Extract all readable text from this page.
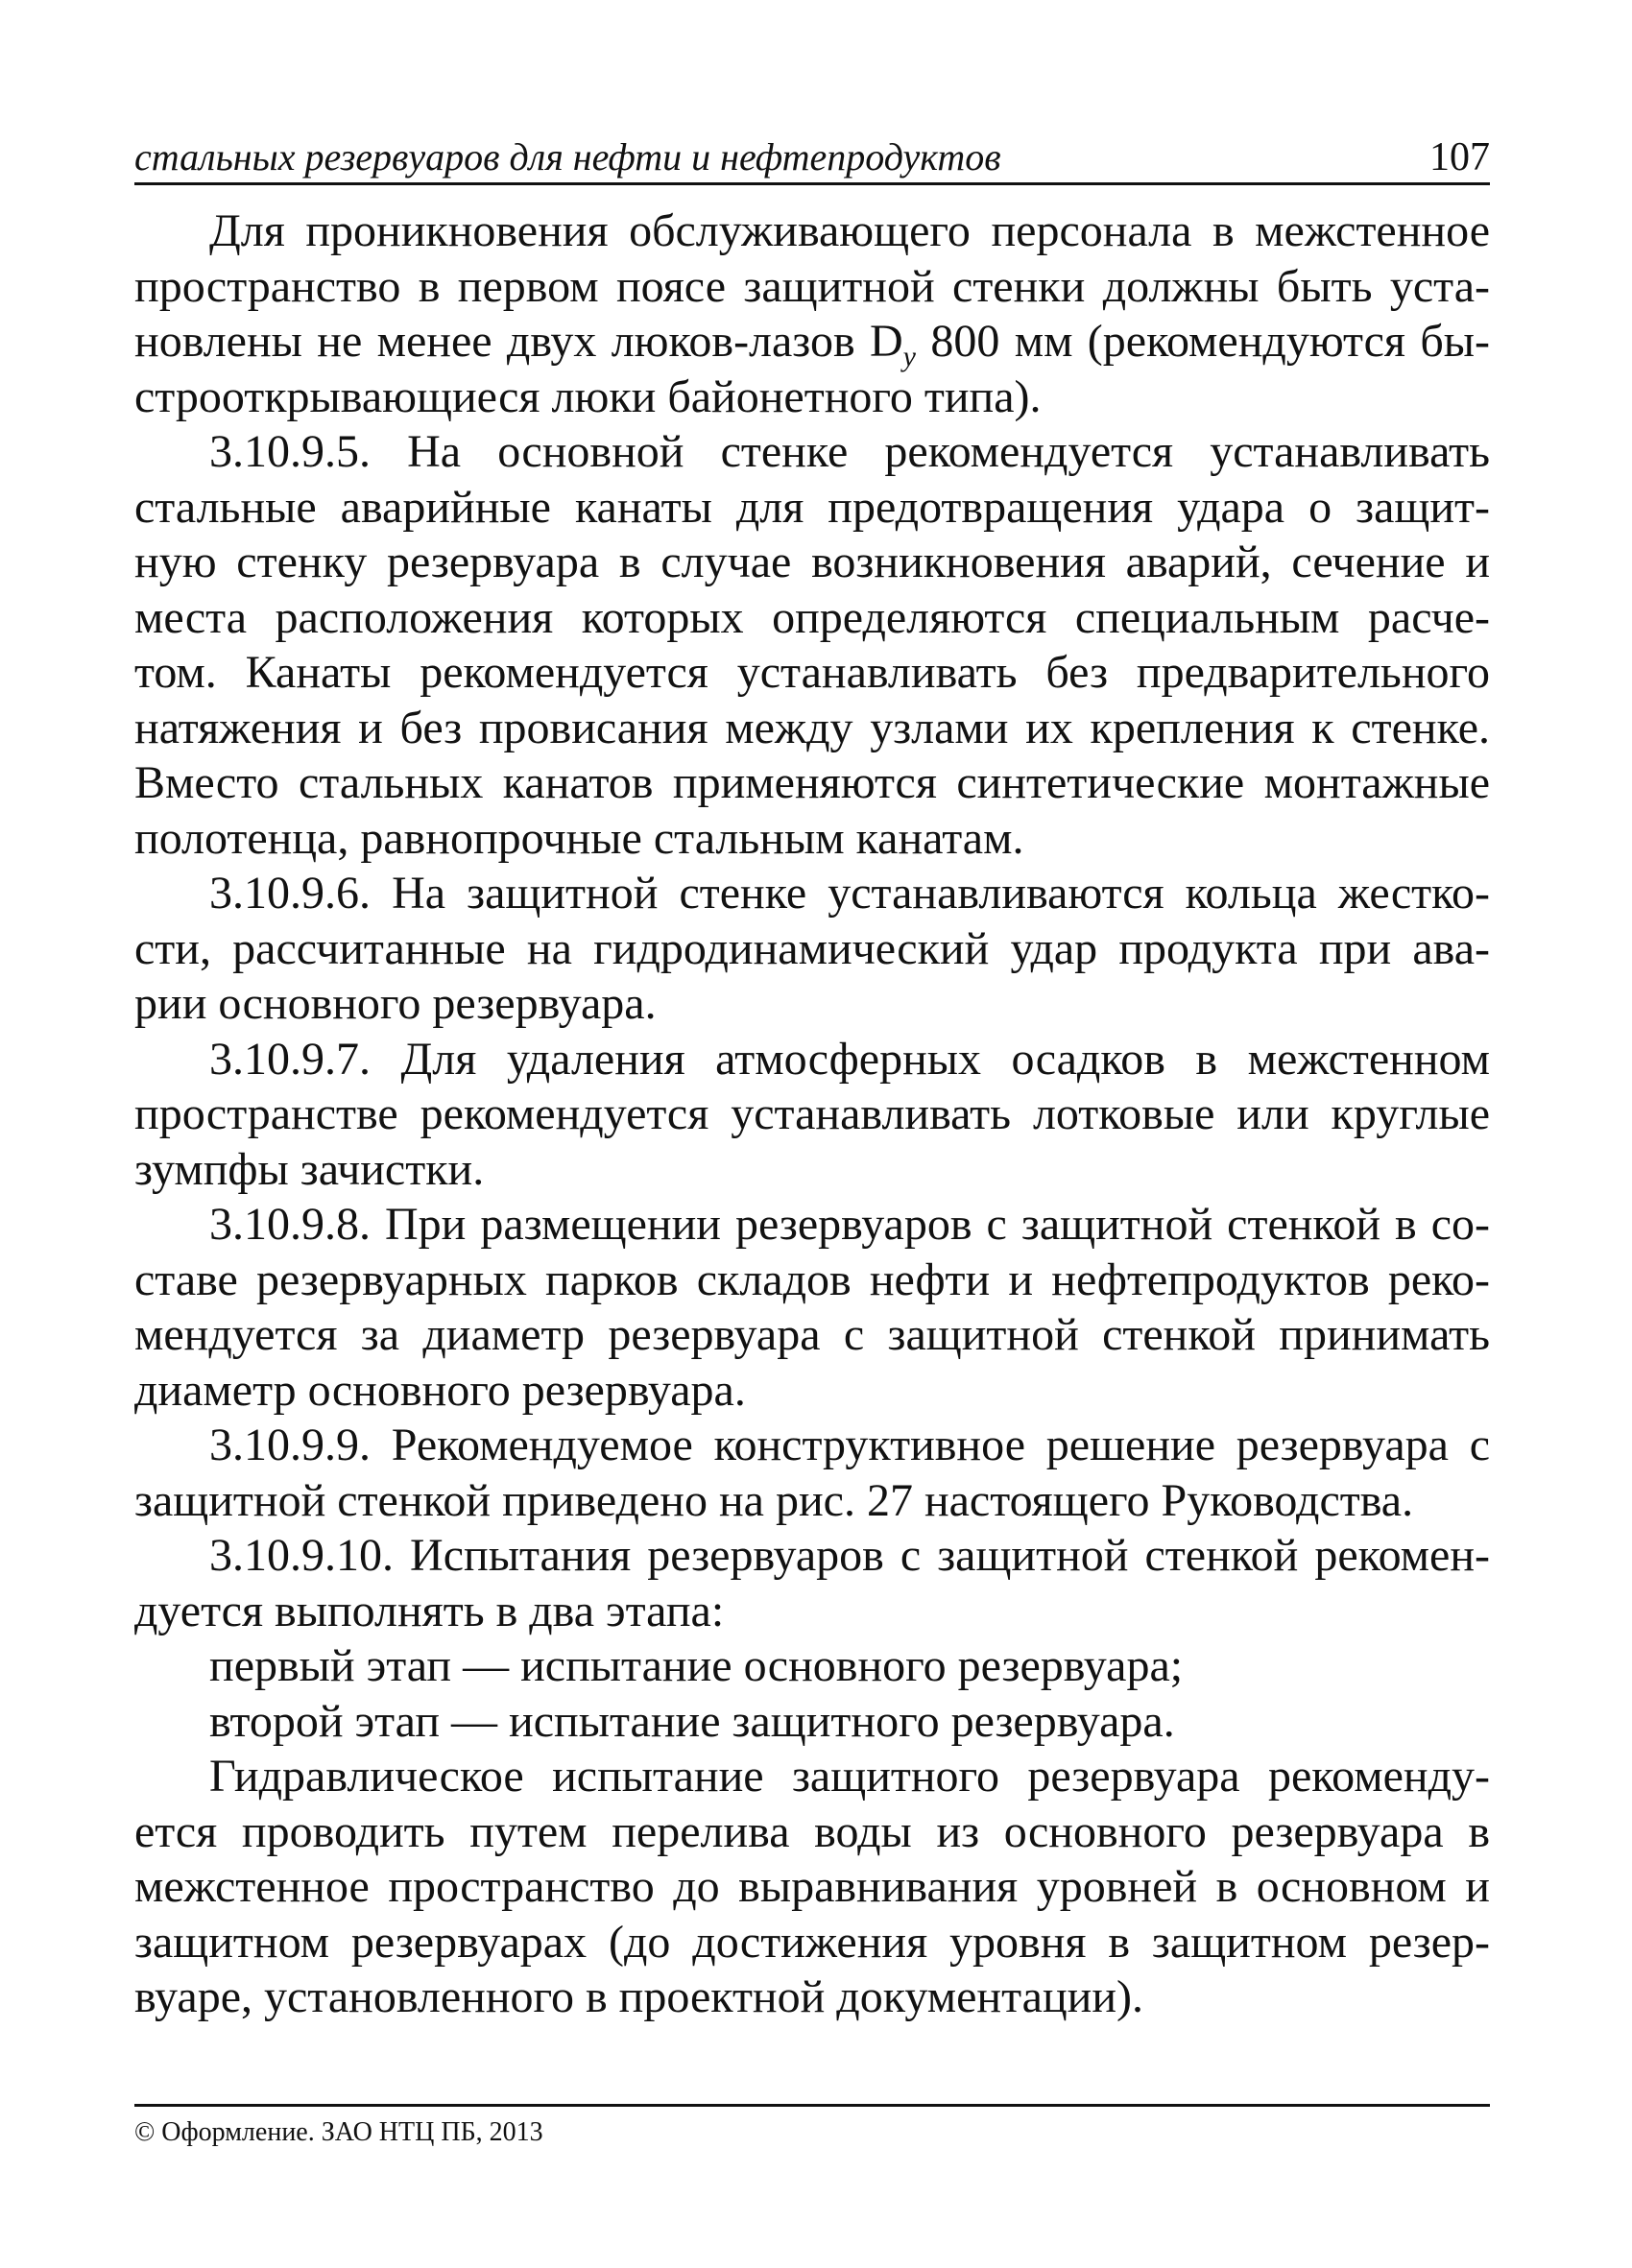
стальных резервуаров для нефти и нефтепродуктов	107
Для проникновения обслуживающего персонала в межстенное
пространство в первом поясе защитной стенки должны быть уста-
новлены не менее двух люков-лазов $D_у$ 800 мм (рекомендуются бы-
строоткрывающиеся люки байонетного типа).
3.10.9.5. На основной стенке рекомендуется устанавливать
стальные аварийные канаты для предотвращения удара о защит-
ную стенку резервуара в случае возникновения аварий, сечение и
места расположения которых определяются специальным расче-
том. Канаты рекомендуется устанавливать без предварительного
натяжения и без провисания между узлами их крепления к стенке.
Вместо стальных канатов применяются синтетические монтажные
полотенца, равнопрочные стальным канатам.
3.10.9.6. На защитной стенке устанавливаются кольца жестко-
сти, рассчитанные на гидродинамический удар продукта при ава-
рии основного резервуара.
3.10.9.7. Для удаления атмосферных осадков в межстенном
пространстве рекомендуется устанавливать лотковые или круглые
зумпфы зачистки.
3.10.9.8. При размещении резервуаров с защитной стенкой в со-
ставе резервуарных парков складов нефти и нефтепродуктов реко-
мендуется за диаметр резервуара с защитной стенкой принимать
диаметр основного резервуара.
3.10.9.9. Рекомендуемое конструктивное решение резервуара с
защитной стенкой приведено на рис. 27 настоящего Руководства.
3.10.9.10. Испытания резервуаров с защитной стенкой рекомен-
дуется выполнять в два этапа:
первый этап — испытание основного резервуара;
второй этап — испытание защитного резервуара.
Гидравлическое испытание защитного резервуара рекоменду-
ется проводить путем перелива воды из основного резервуара в
межстенное пространство до выравнивания уровней в основном и
защитном резервуарах (до достижения уровня в защитном резер-
вуаре, установленного в проектной документации).
© Оформление. ЗАО НТЦ ПБ, 2013
